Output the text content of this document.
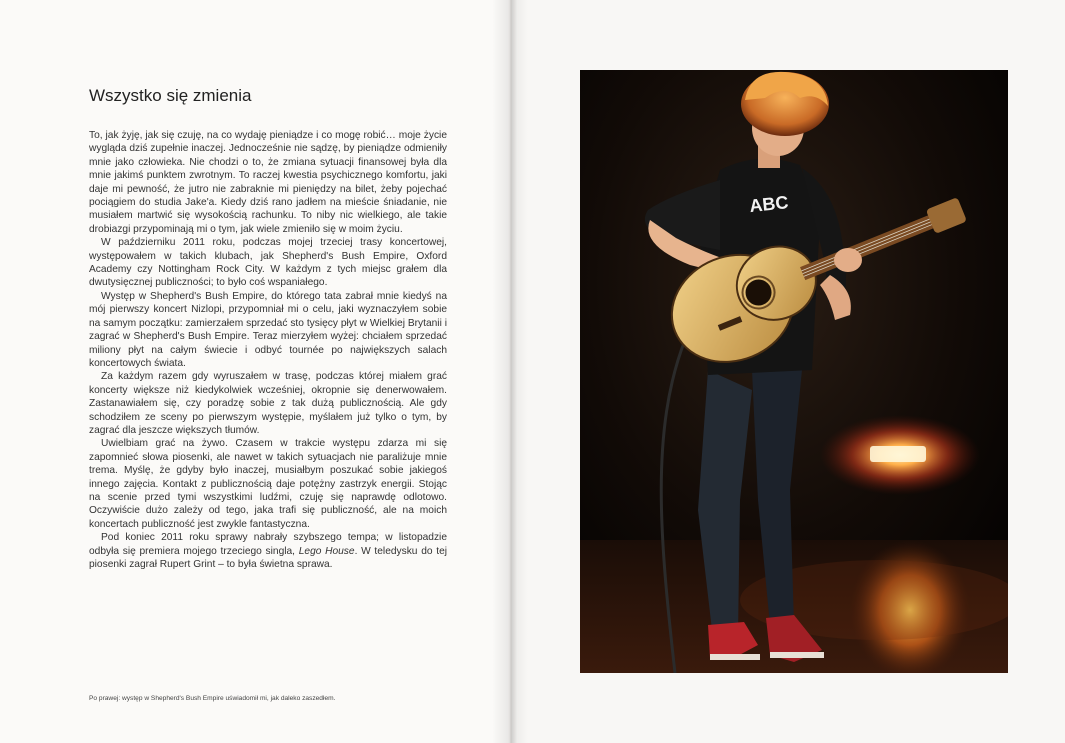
Wszystko się zmienia

To, jak żyję, jak się czuję, na co wydaję pieniądze i co mogę robić… moje życie wygląda dziś zupełnie inaczej. Jednocześnie nie sądzę, by pieniądze odmieniły mnie jako człowieka. Nie chodzi o to, że zmiana sytuacji finansowej była dla mnie jakimś punktem zwrotnym. To raczej kwestia psychicznego komfortu, jaki daje mi pewność, że jutro nie zabraknie mi pieniędzy na bilet, żeby pojechać pociągiem do studia Jake'a. Kiedy dziś rano jadłem na mieście śniadanie, nie musiałem martwić się wysokością rachunku. To niby nic wielkiego, ale takie drobiazgi przypominają mi o tym, jak wiele zmieniło się w moim życiu.

W październiku 2011 roku, podczas mojej trzeciej trasy koncertowej, występowałem w takich klubach, jak Shepherd's Bush Empire, Oxford Academy czy Nottingham Rock City. W każdym z tych miejsc grałem dla dwutysięcznej publiczności; to było coś wspaniałego.

Występ w Shepherd's Bush Empire, do którego tata zabrał mnie kiedyś na mój pierwszy koncert Nizlopi, przypomniał mi o celu, jaki wyznaczyłem sobie na samym początku: zamierzałem sprzedać sto tysięcy płyt w Wielkiej Brytanii i zagrać w Shepherd's Bush Empire. Teraz mierzyłem wyżej: chciałem sprzedać miliony płyt na całym świecie i odbyć tournée po największych salach koncertowych świata.

Za każdym razem gdy wyruszałem w trasę, podczas której miałem grać koncerty większe niż kiedykolwiek wcześniej, okropnie się denerwowałem. Zastanawiałem się, czy poradzę sobie z tak dużą publicznością. Ale gdy schodziłem ze sceny po pierwszym występie, myślałem już tylko o tym, by zagrać dla jeszcze większych tłumów.

Uwielbiam grać na żywo. Czasem w trakcie występu zdarza mi się zapomnieć słowa piosenki, ale nawet w takich sytuacjach nie paraliżuje mnie trema. Myślę, że gdyby było inaczej, musiałbym poszukać sobie jakiegoś innego zajęcia. Kontakt z publicznością daje potężny zastrzyk energii. Stojąc na scenie przed tymi wszystkimi ludźmi, czuję się naprawdę odlotowo. Oczywiście dużo zależy od tego, jaka trafi się publiczność, ale na moich koncertach publiczność jest zwykle fantastyczna.

Pod koniec 2011 roku sprawy nabrały szybszego tempa; w listopadzie odbyła się premiera mojego trzeciego singla, Lego House. W teledysku do tej piosenki zagrał Rupert Grint – to była świetna sprawa.

Po prawej: występ w Shepherd's Bush Empire uświadomił mi, jak daleko zaszedłem.
ABC
